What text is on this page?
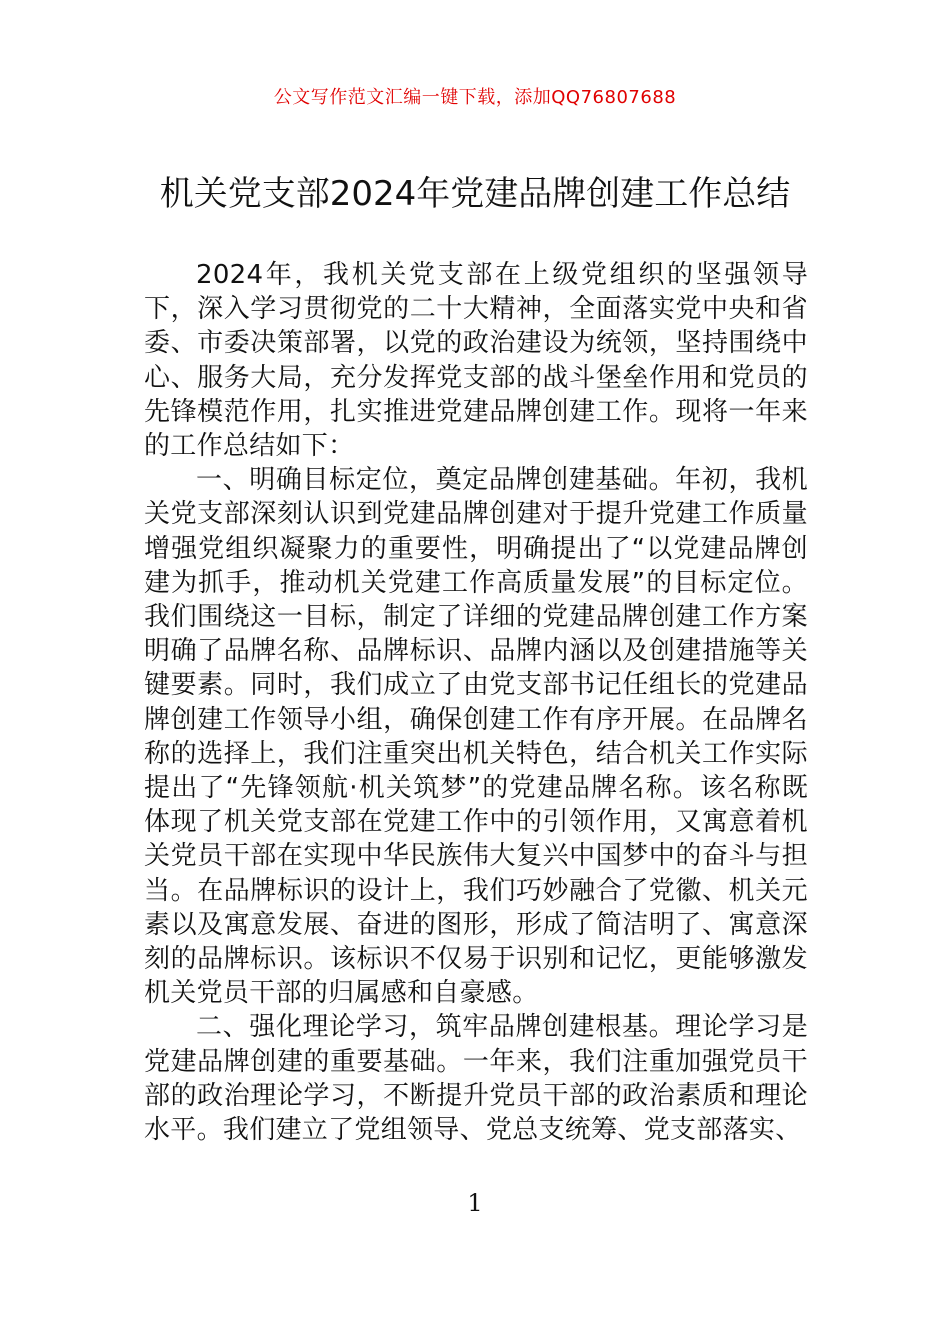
公文写作范文汇编一键下载，添加QQ76807688
机关党支部2024年党建品牌创建工作总结

2024年，我机关党支部在上级党组织的坚强领导下，深入学习贯彻党的二十大精神，全面落实党中央和省委、市委决策部署，以党的政治建设为统领，坚持围绕中心、服务大局，充分发挥党支部的战斗堡垒作用和党员的先锋模范作用，扎实推进党建品牌创建工作。现将一年来的工作总结如下：

一、明确目标定位，奠定品牌创建基础。年初，我机关党支部深刻认识到党建品牌创建对于提升党建工作质量增强党组织凝聚力的重要性，明确提出了“以党建品牌创建为抓手，推动机关党建工作高质量发展”的目标定位。我们围绕这一目标，制定了详细的党建品牌创建工作方案明确了品牌名称、品牌标识、品牌内涵以及创建措施等关键要素。同时，我们成立了由党支部书记任组长的党建品牌创建工作领导小组，确保创建工作有序开展。在品牌名称的选择上，我们注重突出机关特色，结合机关工作实际提出了“先锋领航·机关筑梦”的党建品牌名称。该名称既体现了机关党支部在党建工作中的引领作用，又寓意着机关党员干部在实现中华民族伟大复兴中国梦中的奋斗与担当。在品牌标识的设计上，我们巧妙融合了党徽、机关元素以及寓意发展、奋进的图形，形成了简洁明了、寓意深刻的品牌标识。该标识不仅易于识别和记忆，更能够激发机关党员干部的归属感和自豪感。

二、强化理论学习，筑牢品牌创建根基。理论学习是党建品牌创建的重要基础。一年来，我们注重加强党员干部的政治理论学习，不断提升党员干部的政治素质和理论水平。我们建立了党组领导、党总支统筹、党支部落实、

1
